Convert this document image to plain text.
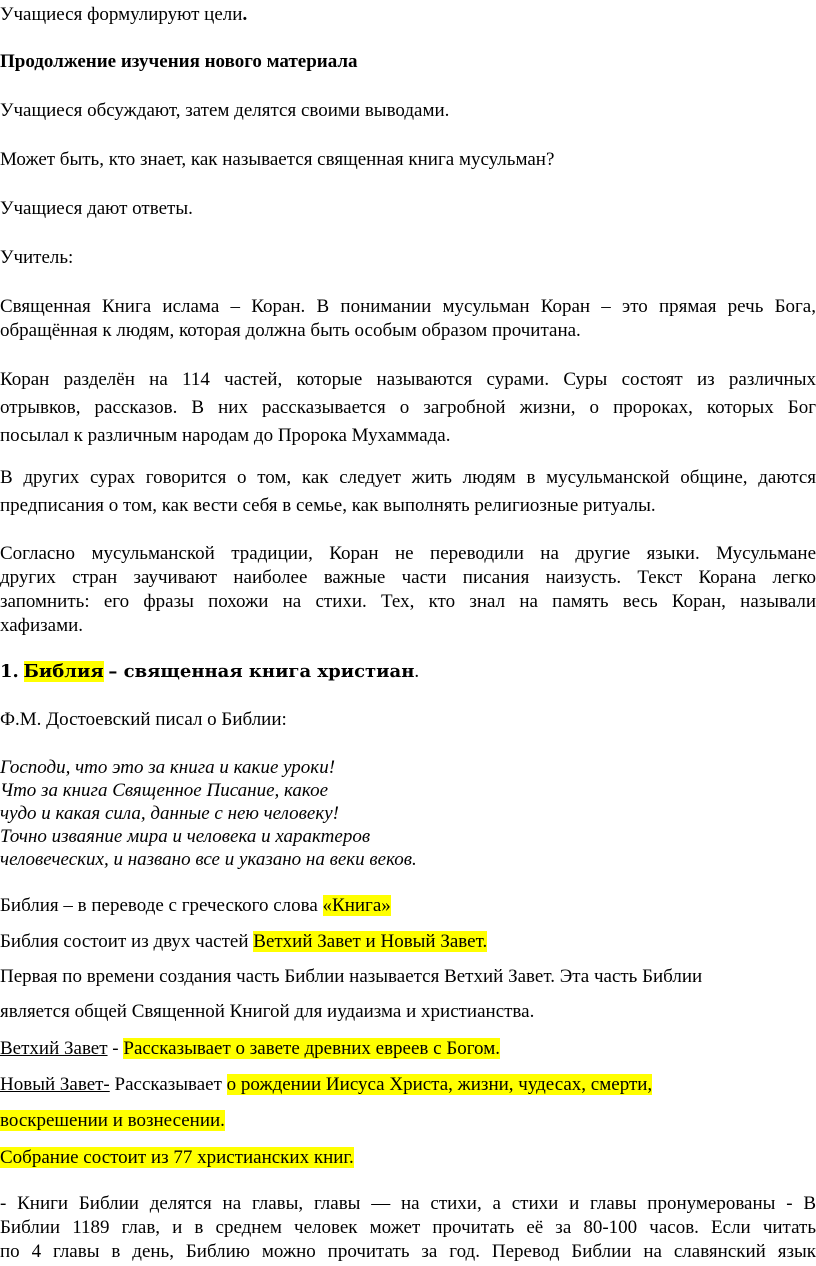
Учащиеся формулируют цели.
Продолжение изучения нового материала
Учащиеся обсуждают, затем делятся своими выводами.
Может быть, кто знает, как называется священная книга мусульман?
Учащиеся дают ответы.
Учитель:
Священная Книга ислама – Коран. В понимании мусульман Коран – это прямая речь Бога,
обращённая к людям, которая должна быть особым образом прочитана.
Коран разделён на 114 частей, которые называются сурами. Суры состоят из различных
отрывков, рассказов. В них рассказывается о загробной жизни, о пророках, которых Бог
посылал к различным народам до Пророка Мухаммада.
В других сурах говорится о том, как следует жить людям в мусульманской общине, даются
предписания о том, как вести себя в семье, как выполнять религиозные ритуалы.
Согласно мусульманской традиции, Коран не переводили на другие языки. Мусульмане
других стран заучивают наиболее важные части писания наизусть. Текст Корана легко
запомнить: его фразы похожи на стихи. Тех, кто знал на память весь Коран, называли
хафизами.
1. Библия – священная книга христиан.
Ф.М. Достоевский писал о Библии:
Господи, что это за книга и какие уроки!
Что за книга Священное Писание, какое
чудо и какая сила, данные с нею человеку!
Точно изваяние мира и человека и характеров
человеческих, и названо все и указано на веки веков.
Библия – в переводе с греческого слова «Книга»
Библия состоит из двух частей Ветхий Завет и Новый Завет.
Первая по времени создания часть Библии называется Ветхий Завет. Эта часть Библии
является общей Священной Книгой для иудаизма и христианства.
Ветхий Завет - Рассказывает о завете древних евреев с Богом.
Новый Завет- Рассказывает о рождении Иисуса Христа, жизни, чудесах, смерти,
воскрешении и вознесении.
Собрание состоит из 77 христианских книг.
- Книги Библии делятся на главы, главы — на стихи, а стихи и главы пронумерованы - В
Библии 1189 глав, и в среднем человек может прочитать её за 80-100 часов. Если читать
по 4 главы в день, Библию можно прочитать за год. Перевод Библии на славянский язык
